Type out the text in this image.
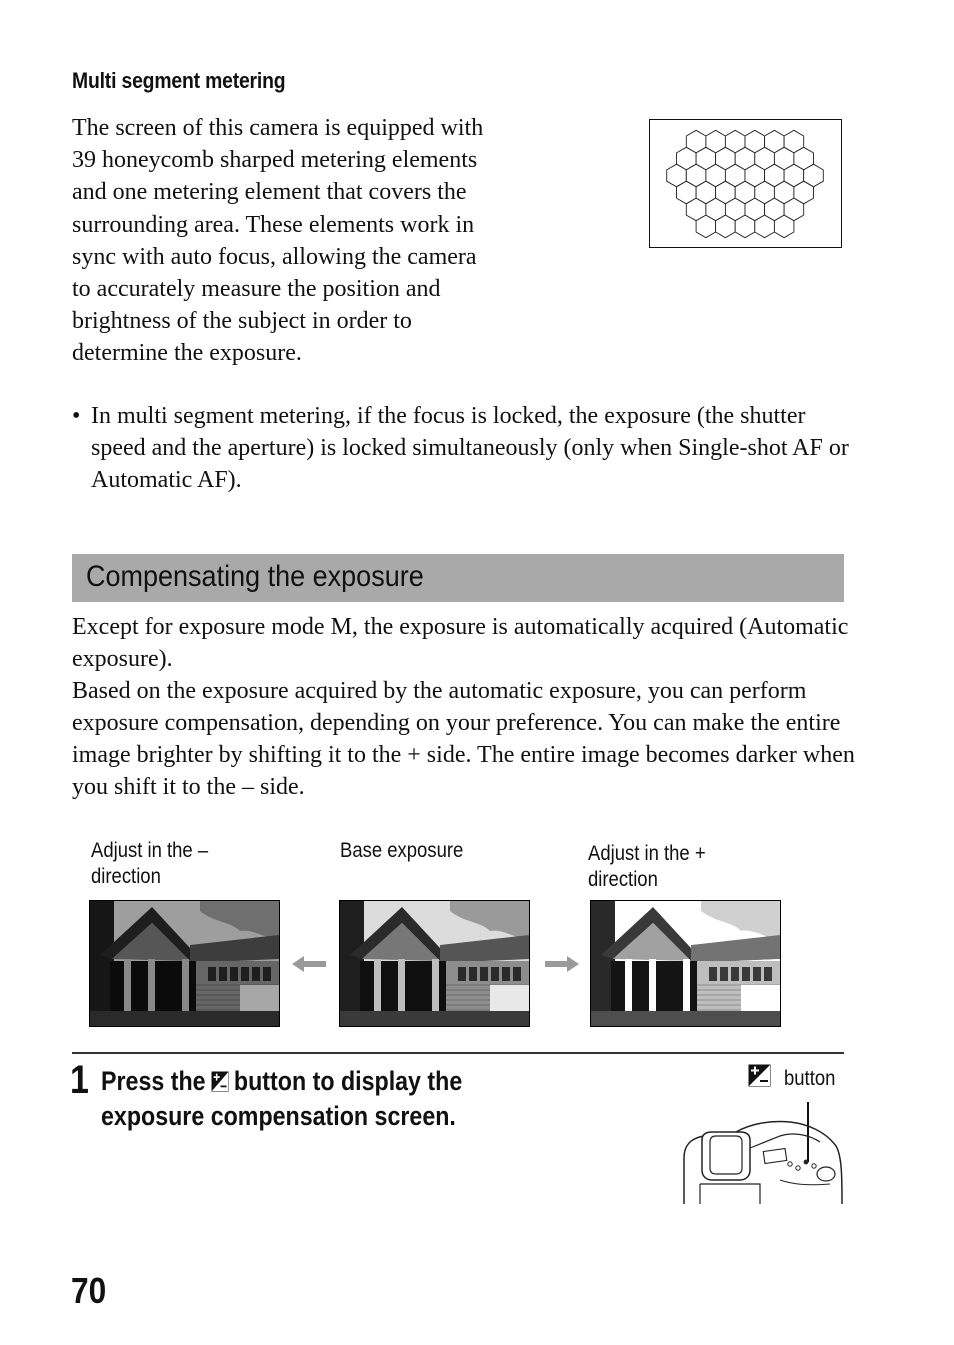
Multi segment metering
The screen of this camera is equipped with 39 honeycomb sharped metering elements and one metering element that covers the surrounding area. These elements work in sync with auto focus, allowing the camera to accurately measure the position and brightness of the subject in order to determine the exposure.
• In multi segment metering, if the focus is locked, the exposure (the shutter speed and the aperture) is locked simultaneously (only when Single-shot AF or Automatic AF).
Compensating the exposure

Except for exposure mode M, the exposure is automatically acquired (Automatic exposure).

Based on the exposure acquired by the automatic exposure, you can perform exposure compensation, depending on your preference. You can make the entire image brighter by shifting it to the + side. The entire image becomes darker when you shift it to the – side.

Adjust in the –
direction
Base exposure	Adjust in the +
direction
1 Press the button to display the
exposure compensation screen.
button
70
